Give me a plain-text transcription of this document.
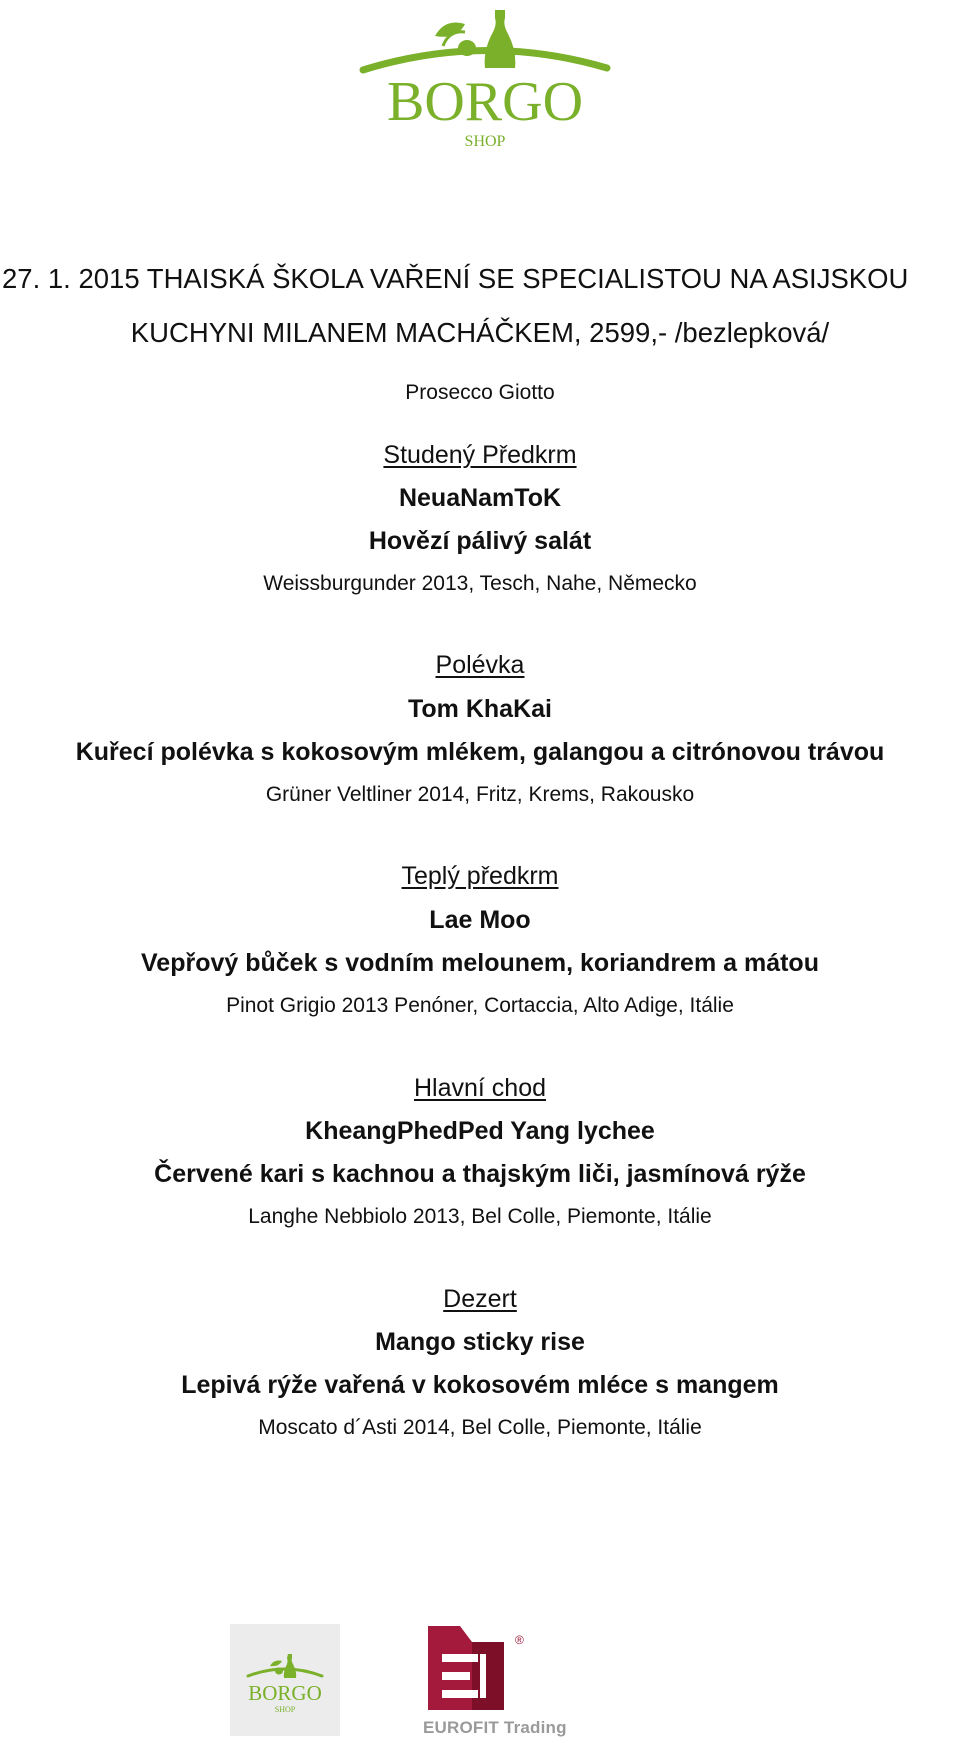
BORGO
SHOP
27. 1. 2015 THAISKÁ ŠKOLA VAŘENÍ SE SPECIALISTOU NA ASIJSKOU
KUCHYNI MILANEM MACHÁČKEM, 2599,- /bezlepková/
Prosecco Giotto
Studený Předkrm
NeuaNamToK
Hovězí pálivý salát
Weissburgunder 2013, Tesch, Nahe, Německo
Polévka
Tom KhaKai
Kuřecí polévka s kokosovým mlékem, galangou a citrónovou trávou
Grüner Veltliner 2014, Fritz, Krems, Rakousko
Teplý předkrm
Lae Moo
Vepřový bůček s vodním melounem, koriandrem a mátou
Pinot Grigio 2013 Penóner, Cortaccia, Alto Adige, Itálie
Hlavní chod
KheangPhedPed Yang lychee
Červené kari s kachnou a thajským liči, jasmínová rýže
Langhe Nebbiolo 2013, Bel Colle, Piemonte, Itálie
Dezert
Mango sticky rise
Lepivá rýže vařená v kokosovém mléce s mangem
Moscato d´Asti 2014, Bel Colle, Piemonte, Itálie
BORGO
SHOP
®
EUROFIT Trading
